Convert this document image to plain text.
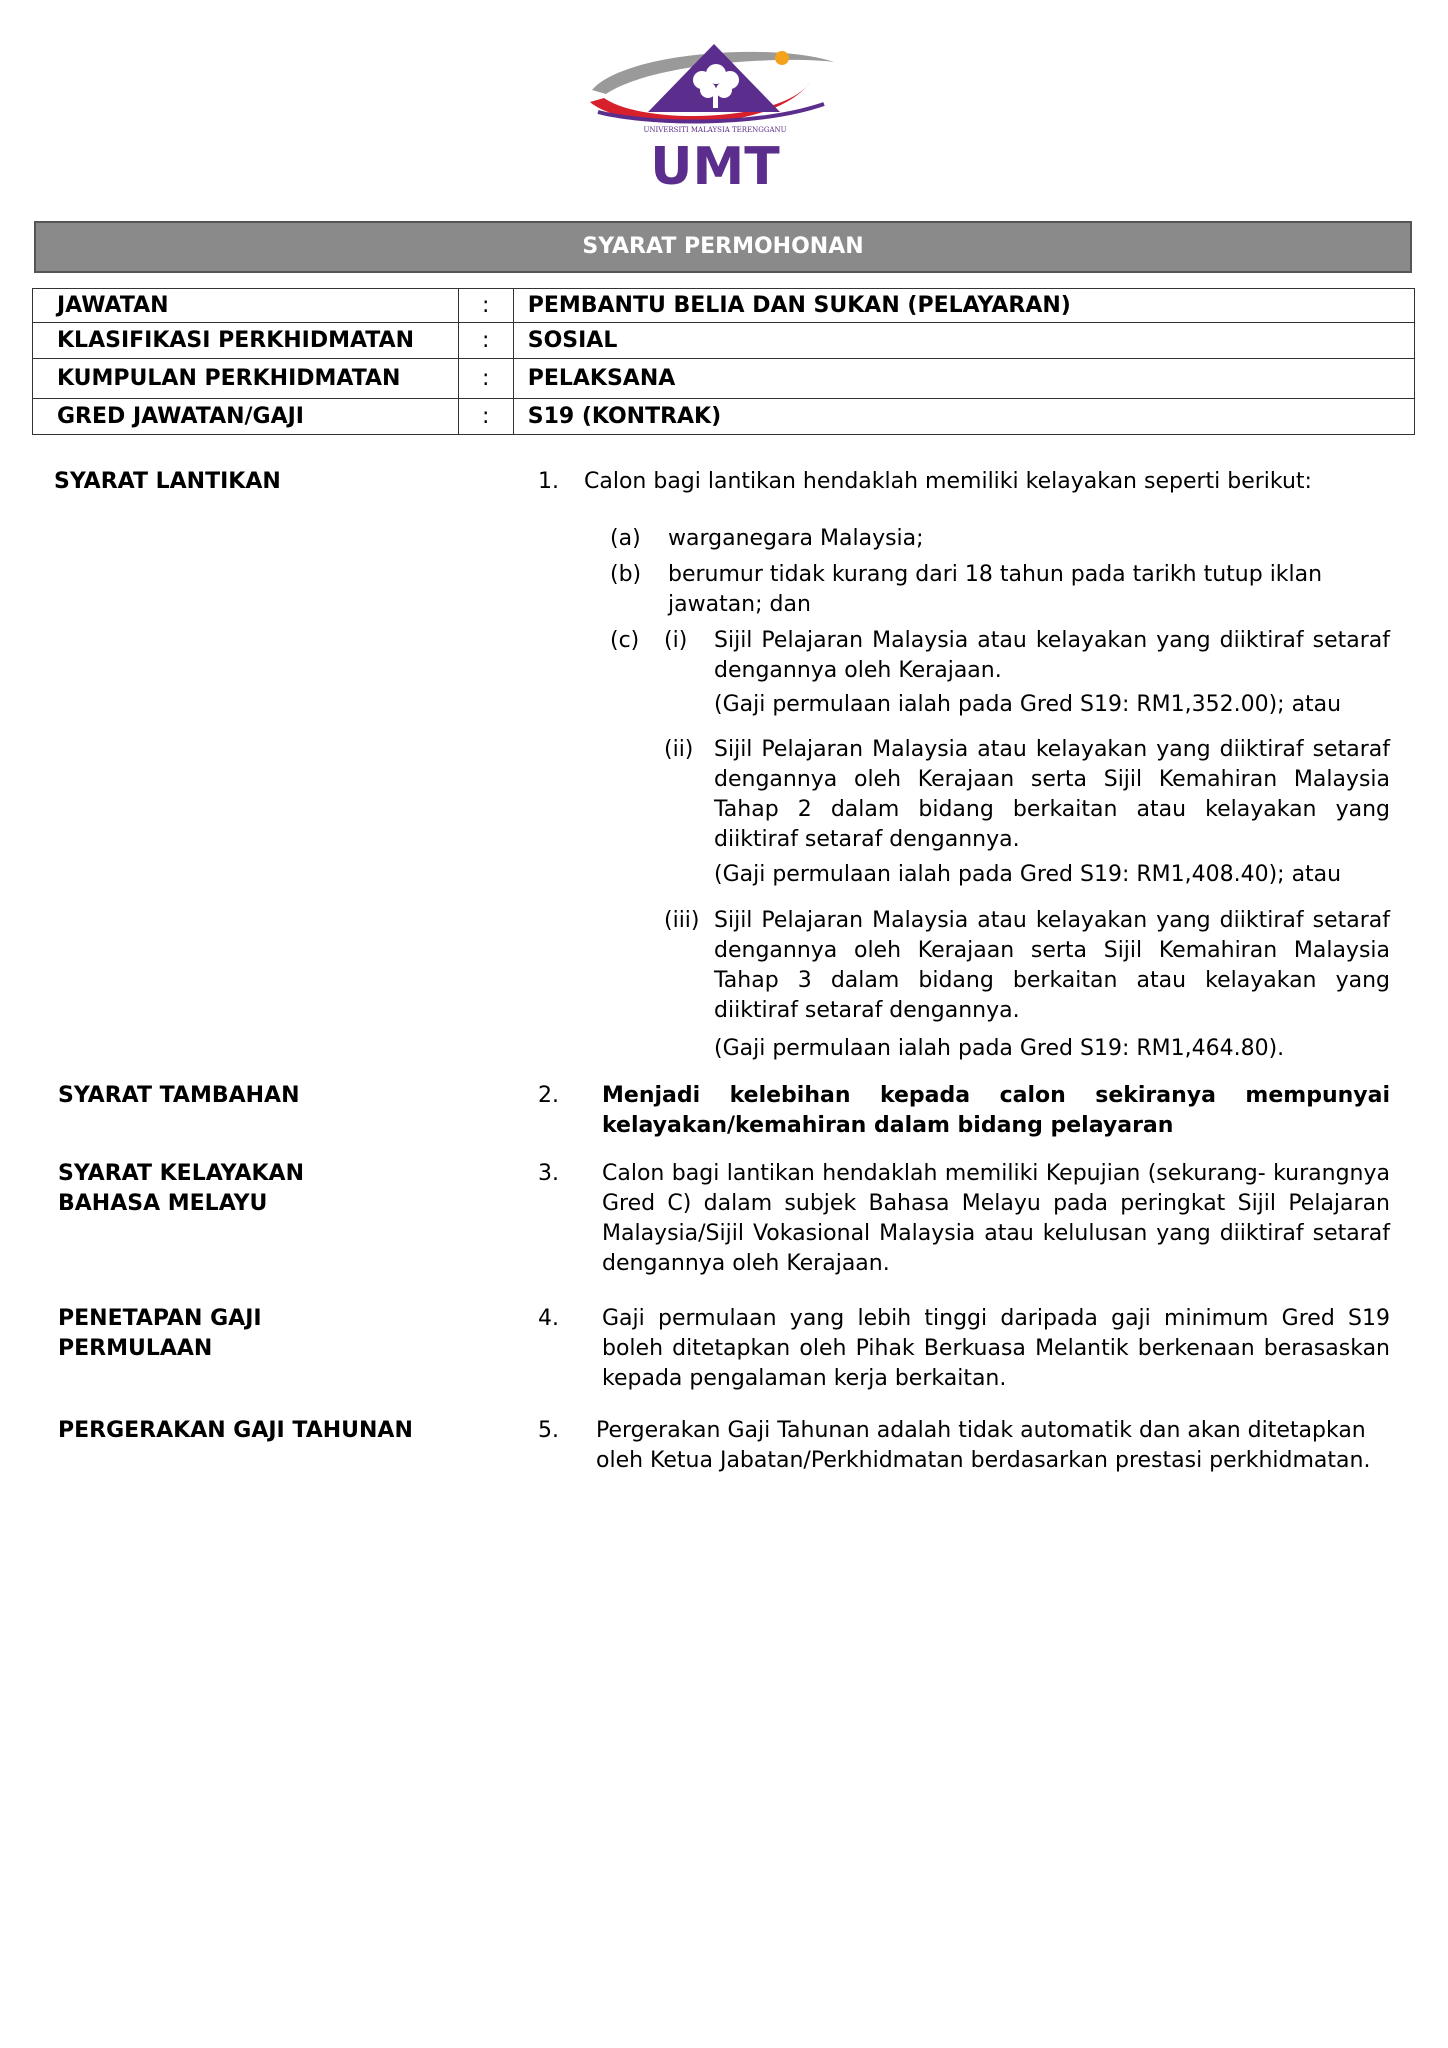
UNIVERSITI MALAYSIA TERENGGANU
UMT
SYARAT PERMOHONAN
JAWATAN	:	PEMBANTU BELIA DAN SUKAN (PELAYARAN)
KLASIFIKASI PERKHIDMATAN	:	SOSIAL
KUMPULAN PERKHIDMATAN	:	PELAKSANA
GRED JAWATAN/GAJI	:	S19 (KONTRAK)
SYARAT LANTIKAN	1. Calon bagi lantikan hendaklah memiliki kelayakan seperti berikut:
(a) warganegara Malaysia;
(b) berumur tidak kurang dari 18 tahun pada tarikh tutup iklan jawatan; dan
(c) (i) Sijil Pelajaran Malaysia atau kelayakan yang diiktiraf setaraf dengannya oleh Kerajaan.
(Gaji permulaan ialah pada Gred S19: RM1,352.00); atau
(ii) Sijil Pelajaran Malaysia atau kelayakan yang diiktiraf setaraf dengannya oleh Kerajaan serta Sijil Kemahiran Malaysia Tahap 2 dalam bidang berkaitan atau kelayakan yang diiktiraf setaraf dengannya.
(Gaji permulaan ialah pada Gred S19: RM1,408.40); atau
(iii) Sijil Pelajaran Malaysia atau kelayakan yang diiktiraf setaraf dengannya oleh Kerajaan serta Sijil Kemahiran Malaysia Tahap 3 dalam bidang berkaitan atau kelayakan yang diiktiraf setaraf dengannya.
(Gaji permulaan ialah pada Gred S19: RM1,464.80).
SYARAT TAMBAHAN	2. Menjadi kelebihan kepada calon sekiranya mempunyai kelayakan/kemahiran dalam bidang pelayaran
SYARAT KELAYAKAN
BAHASA MELAYU
3. Calon bagi lantikan hendaklah memiliki Kepujian (sekurang- kurangnya Gred C) dalam subjek Bahasa Melayu pada peringkat Sijil Pelajaran Malaysia/Sijil Vokasional Malaysia atau kelulusan yang diiktiraf setaraf dengannya oleh Kerajaan.
PENETAPAN GAJI
PERMULAAN
4. Gaji permulaan yang lebih tinggi daripada gaji minimum Gred S19 boleh ditetapkan oleh Pihak Berkuasa Melantik berkenaan berasaskan kepada pengalaman kerja berkaitan.
PERGERAKAN GAJI TAHUNAN	5. Pergerakan Gaji Tahunan adalah tidak automatik dan akan ditetapkan oleh Ketua Jabatan/Perkhidmatan berdasarkan prestasi perkhidmatan.
